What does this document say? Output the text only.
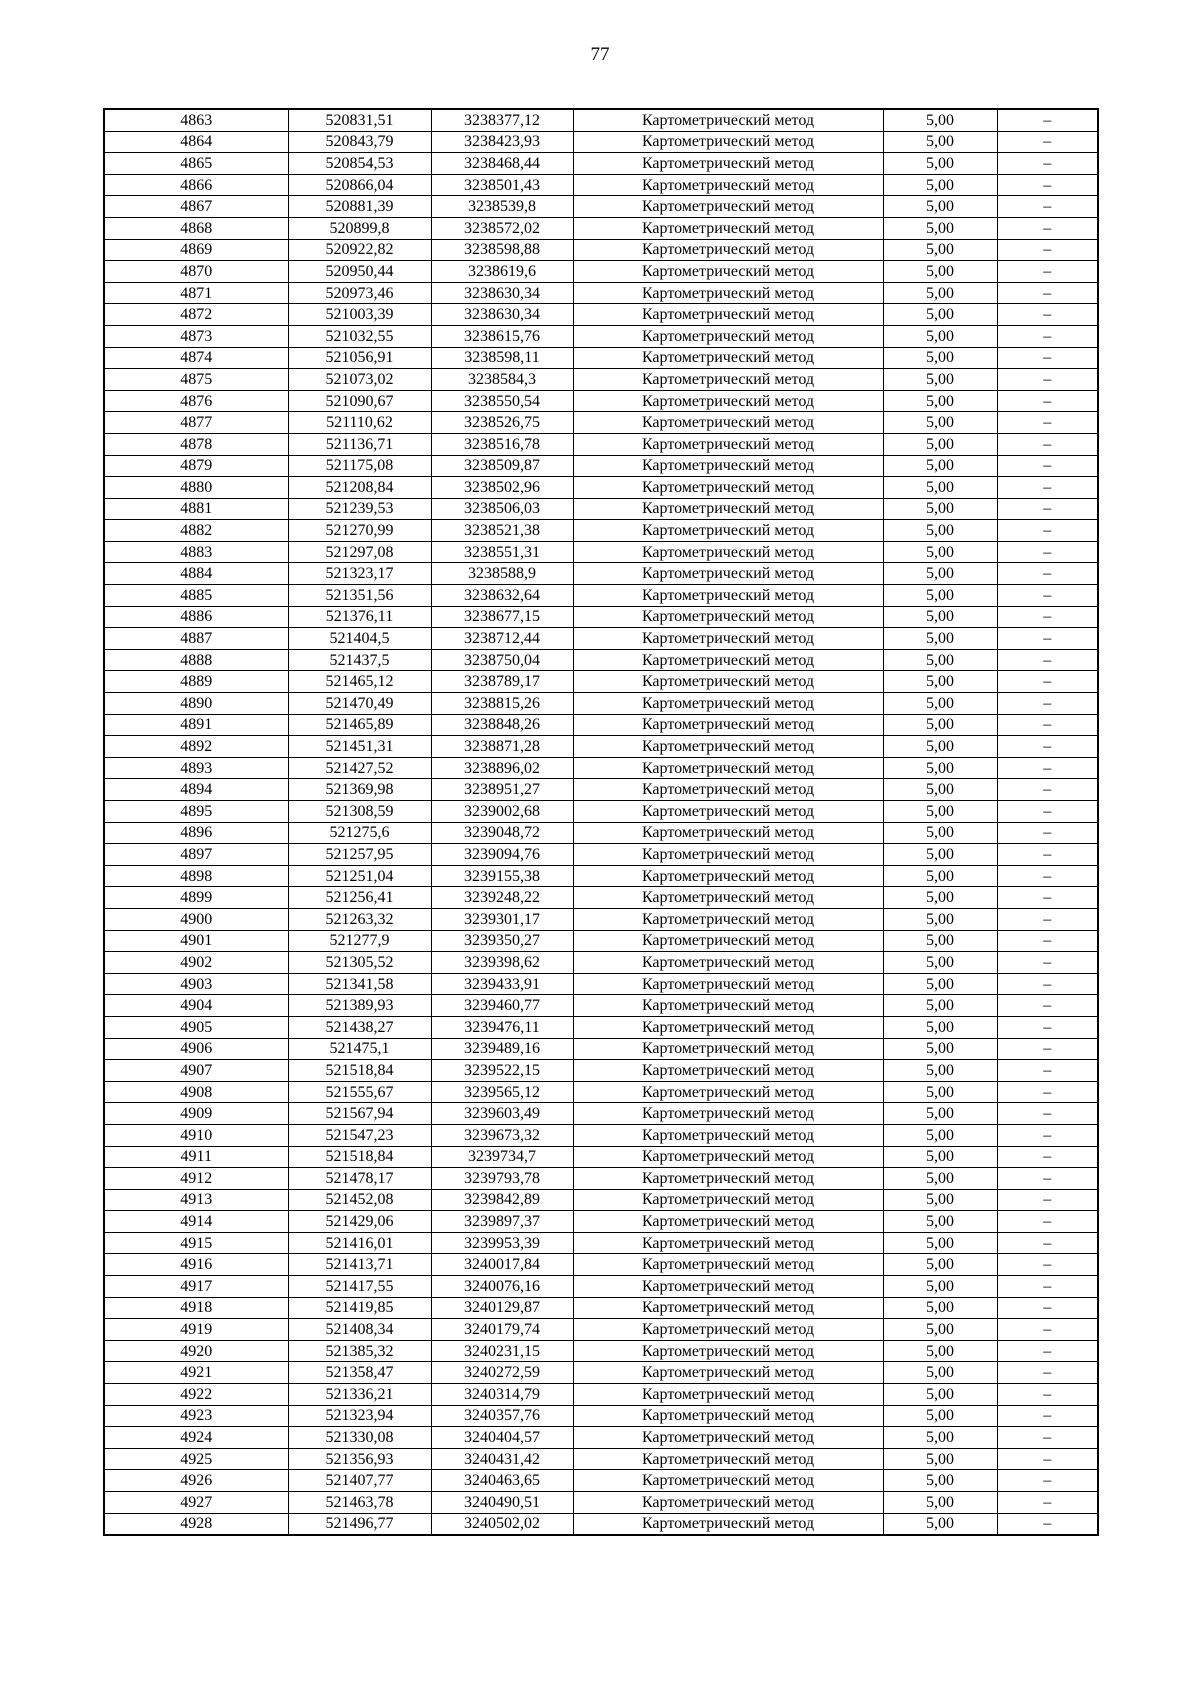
77
4863	520831,51	3238377,12	Картометрический метод	5,00	–
4864	520843,79	3238423,93	Картометрический метод	5,00	–
4865	520854,53	3238468,44	Картометрический метод	5,00	–
4866	520866,04	3238501,43	Картометрический метод	5,00	–
4867	520881,39	3238539,8	Картометрический метод	5,00	–
4868	520899,8	3238572,02	Картометрический метод	5,00	–
4869	520922,82	3238598,88	Картометрический метод	5,00	–
4870	520950,44	3238619,6	Картометрический метод	5,00	–
4871	520973,46	3238630,34	Картометрический метод	5,00	–
4872	521003,39	3238630,34	Картометрический метод	5,00	–
4873	521032,55	3238615,76	Картометрический метод	5,00	–
4874	521056,91	3238598,11	Картометрический метод	5,00	–
4875	521073,02	3238584,3	Картометрический метод	5,00	–
4876	521090,67	3238550,54	Картометрический метод	5,00	–
4877	521110,62	3238526,75	Картометрический метод	5,00	–
4878	521136,71	3238516,78	Картометрический метод	5,00	–
4879	521175,08	3238509,87	Картометрический метод	5,00	–
4880	521208,84	3238502,96	Картометрический метод	5,00	–
4881	521239,53	3238506,03	Картометрический метод	5,00	–
4882	521270,99	3238521,38	Картометрический метод	5,00	–
4883	521297,08	3238551,31	Картометрический метод	5,00	–
4884	521323,17	3238588,9	Картометрический метод	5,00	–
4885	521351,56	3238632,64	Картометрический метод	5,00	–
4886	521376,11	3238677,15	Картометрический метод	5,00	–
4887	521404,5	3238712,44	Картометрический метод	5,00	–
4888	521437,5	3238750,04	Картометрический метод	5,00	–
4889	521465,12	3238789,17	Картометрический метод	5,00	–
4890	521470,49	3238815,26	Картометрический метод	5,00	–
4891	521465,89	3238848,26	Картометрический метод	5,00	–
4892	521451,31	3238871,28	Картометрический метод	5,00	–
4893	521427,52	3238896,02	Картометрический метод	5,00	–
4894	521369,98	3238951,27	Картометрический метод	5,00	–
4895	521308,59	3239002,68	Картометрический метод	5,00	–
4896	521275,6	3239048,72	Картометрический метод	5,00	–
4897	521257,95	3239094,76	Картометрический метод	5,00	–
4898	521251,04	3239155,38	Картометрический метод	5,00	–
4899	521256,41	3239248,22	Картометрический метод	5,00	–
4900	521263,32	3239301,17	Картометрический метод	5,00	–
4901	521277,9	3239350,27	Картометрический метод	5,00	–
4902	521305,52	3239398,62	Картометрический метод	5,00	–
4903	521341,58	3239433,91	Картометрический метод	5,00	–
4904	521389,93	3239460,77	Картометрический метод	5,00	–
4905	521438,27	3239476,11	Картометрический метод	5,00	–
4906	521475,1	3239489,16	Картометрический метод	5,00	–
4907	521518,84	3239522,15	Картометрический метод	5,00	–
4908	521555,67	3239565,12	Картометрический метод	5,00	–
4909	521567,94	3239603,49	Картометрический метод	5,00	–
4910	521547,23	3239673,32	Картометрический метод	5,00	–
4911	521518,84	3239734,7	Картометрический метод	5,00	–
4912	521478,17	3239793,78	Картометрический метод	5,00	–
4913	521452,08	3239842,89	Картометрический метод	5,00	–
4914	521429,06	3239897,37	Картометрический метод	5,00	–
4915	521416,01	3239953,39	Картометрический метод	5,00	–
4916	521413,71	3240017,84	Картометрический метод	5,00	–
4917	521417,55	3240076,16	Картометрический метод	5,00	–
4918	521419,85	3240129,87	Картометрический метод	5,00	–
4919	521408,34	3240179,74	Картометрический метод	5,00	–
4920	521385,32	3240231,15	Картометрический метод	5,00	–
4921	521358,47	3240272,59	Картометрический метод	5,00	–
4922	521336,21	3240314,79	Картометрический метод	5,00	–
4923	521323,94	3240357,76	Картометрический метод	5,00	–
4924	521330,08	3240404,57	Картометрический метод	5,00	–
4925	521356,93	3240431,42	Картометрический метод	5,00	–
4926	521407,77	3240463,65	Картометрический метод	5,00	–
4927	521463,78	3240490,51	Картометрический метод	5,00	–
4928	521496,77	3240502,02	Картометрический метод	5,00	–
